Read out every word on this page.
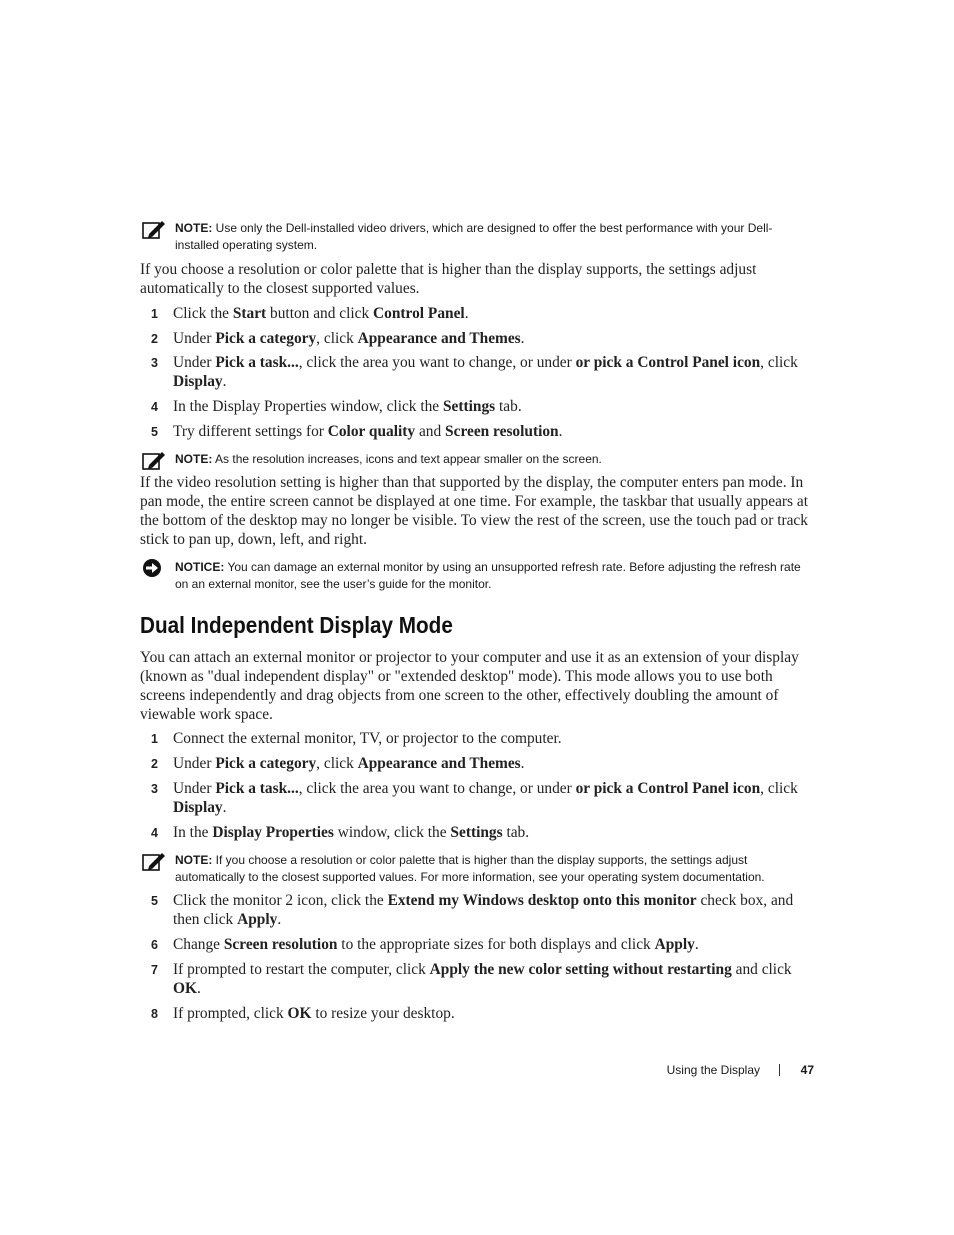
NOTE: Use only the Dell-installed video drivers, which are designed to offer the best performance with your Dell-installed operating system.
If you choose a resolution or color palette that is higher than the display supports, the settings adjust automatically to the closest supported values.
1 Click the Start button and click Control Panel.
2 Under Pick a category, click Appearance and Themes.
3 Under Pick a task..., click the area you want to change, or under or pick a Control Panel icon, click Display.
4 In the Display Properties window, click the Settings tab.
5 Try different settings for Color quality and Screen resolution.
NOTE: As the resolution increases, icons and text appear smaller on the screen.
If the video resolution setting is higher than that supported by the display, the computer enters pan mode. In pan mode, the entire screen cannot be displayed at one time. For example, the taskbar that usually appears at the bottom of the desktop may no longer be visible. To view the rest of the screen, use the touch pad or track stick to pan up, down, left, and right.
NOTICE: You can damage an external monitor by using an unsupported refresh rate. Before adjusting the refresh rate on an external monitor, see the user’s guide for the monitor.
Dual Independent Display Mode
You can attach an external monitor or projector to your computer and use it as an extension of your display (known as "dual independent display" or "extended desktop" mode). This mode allows you to use both screens independently and drag objects from one screen to the other, effectively doubling the amount of viewable work space.
1 Connect the external monitor, TV, or projector to the computer.
2 Under Pick a category, click Appearance and Themes.
3 Under Pick a task..., click the area you want to change, or under or pick a Control Panel icon, click Display.
4 In the Display Properties window, click the Settings tab.
NOTE: If you choose a resolution or color palette that is higher than the display supports, the settings adjust automatically to the closest supported values. For more information, see your operating system documentation.
5 Click the monitor 2 icon, click the Extend my Windows desktop onto this monitor check box, and then click Apply.
6 Change Screen resolution to the appropriate sizes for both displays and click Apply.
7 If prompted to restart the computer, click Apply the new color setting without restarting and click OK.
8 If prompted, click OK to resize your desktop.
Using the Display	47
